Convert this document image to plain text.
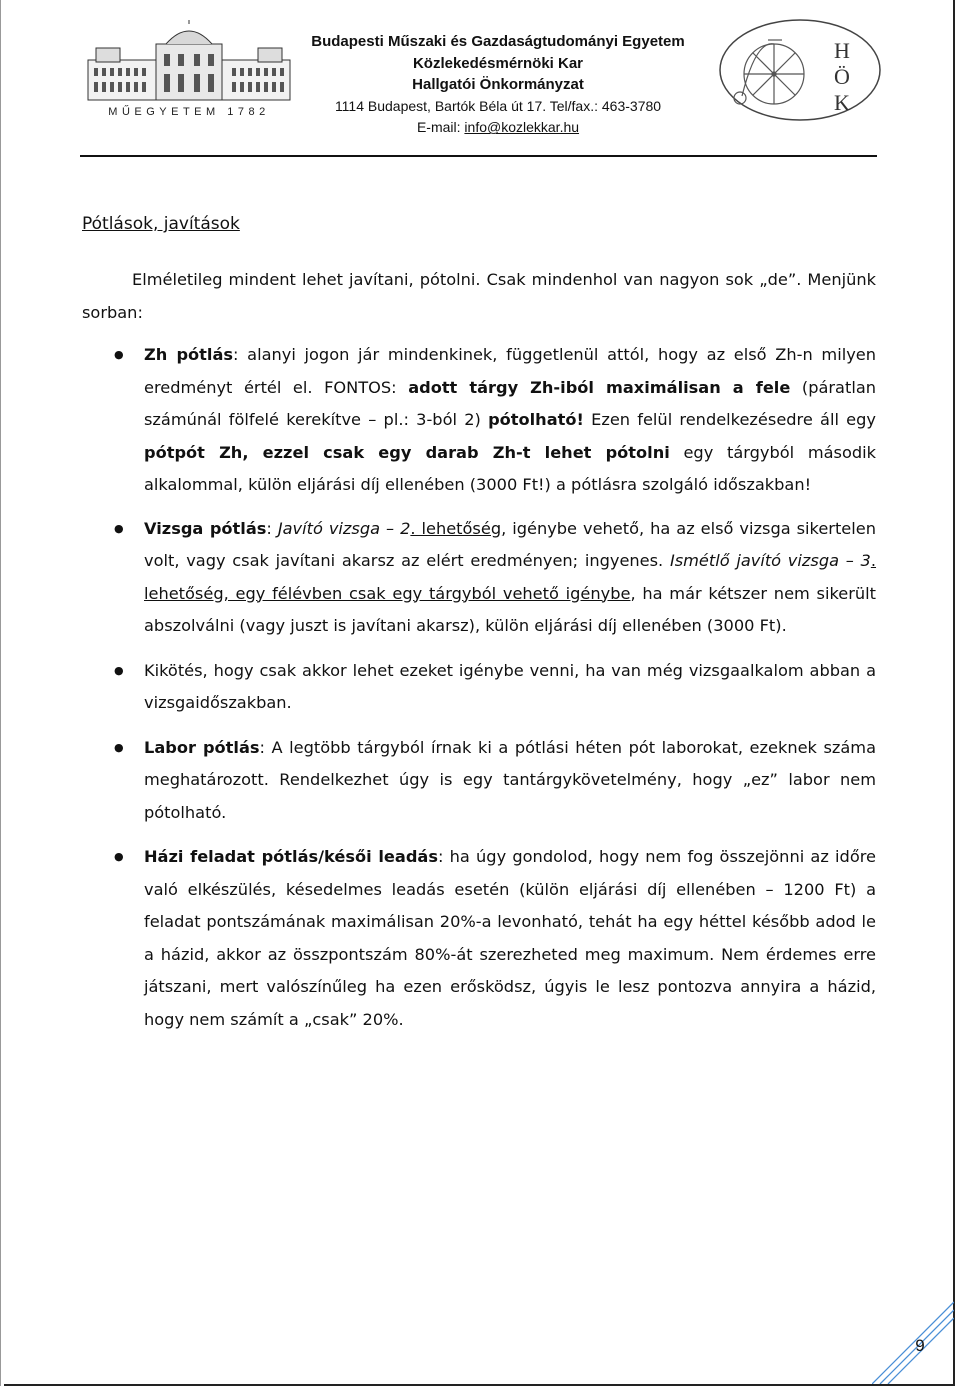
MŰEGYETEM 1782
Budapesti Műszaki és Gazdaságtudományi Egyetem
Közlekedésmérnöki Kar
Hallgatói Önkormányzat
1114 Budapest, Bartók Béla út 17. Tel/fax.: 463-3780
E-mail: info@kozlekkar.hu
H
Ö
K
Pótlások, javítások

Elméletileg mindent lehet javítani, pótolni. Csak mindenhol van nagyon sok „de”. Menjünk sorban:

● Zh pótlás: alanyi jogon jár mindenkinek, függetlenül attól, hogy az első Zh-n milyen eredményt értél el. FONTOS: adott tárgy Zh-iból maximálisan a fele (páratlan számúnál fölfelé kerekítve – pl.: 3-ból 2) pótolható! Ezen felül rendelkezésedre áll egy pótpót Zh, ezzel csak egy darab Zh-t lehet pótolni egy tárgyból második alkalommal, külön eljárási díj ellenében (3000 Ft!) a pótlásra szolgáló időszakban!
● Vizsga pótlás: Javító vizsga – 2. lehetőség, igénybe vehető, ha az első vizsga sikertelen volt, vagy csak javítani akarsz az elért eredményen; ingyenes. Ismétlő javító vizsga – 3. lehetőség, egy félévben csak egy tárgyból vehető igénybe, ha már kétszer nem sikerült abszolválni (vagy juszt is javítani akarsz), külön eljárási díj ellenében (3000 Ft).
● Kikötés, hogy csak akkor lehet ezeket igénybe venni, ha van még vizsgaalkalom abban a vizsgaidőszakban.
● Labor pótlás: A legtöbb tárgyból írnak ki a pótlási héten pót laborokat, ezeknek száma meghatározott. Rendelkezhet úgy is egy tantárgykövetelmény, hogy „ez” labor nem pótolható.
● Házi feladat pótlás/késői leadás: ha úgy gondolod, hogy nem fog összejönni az időre való elkészülés, késedelmes leadás esetén (külön eljárási díj ellenében – 1200 Ft) a feladat pontszámának maximálisan 20%-a levonható, tehát ha egy héttel később adod le a házid, akkor az összpontszám 80%-át szerezheted meg maximum. Nem érdemes erre játszani, mert valószínűleg ha ezen erősködsz, úgyis le lesz pontozva annyira a házid, hogy nem számít a „csak” 20%.
9
